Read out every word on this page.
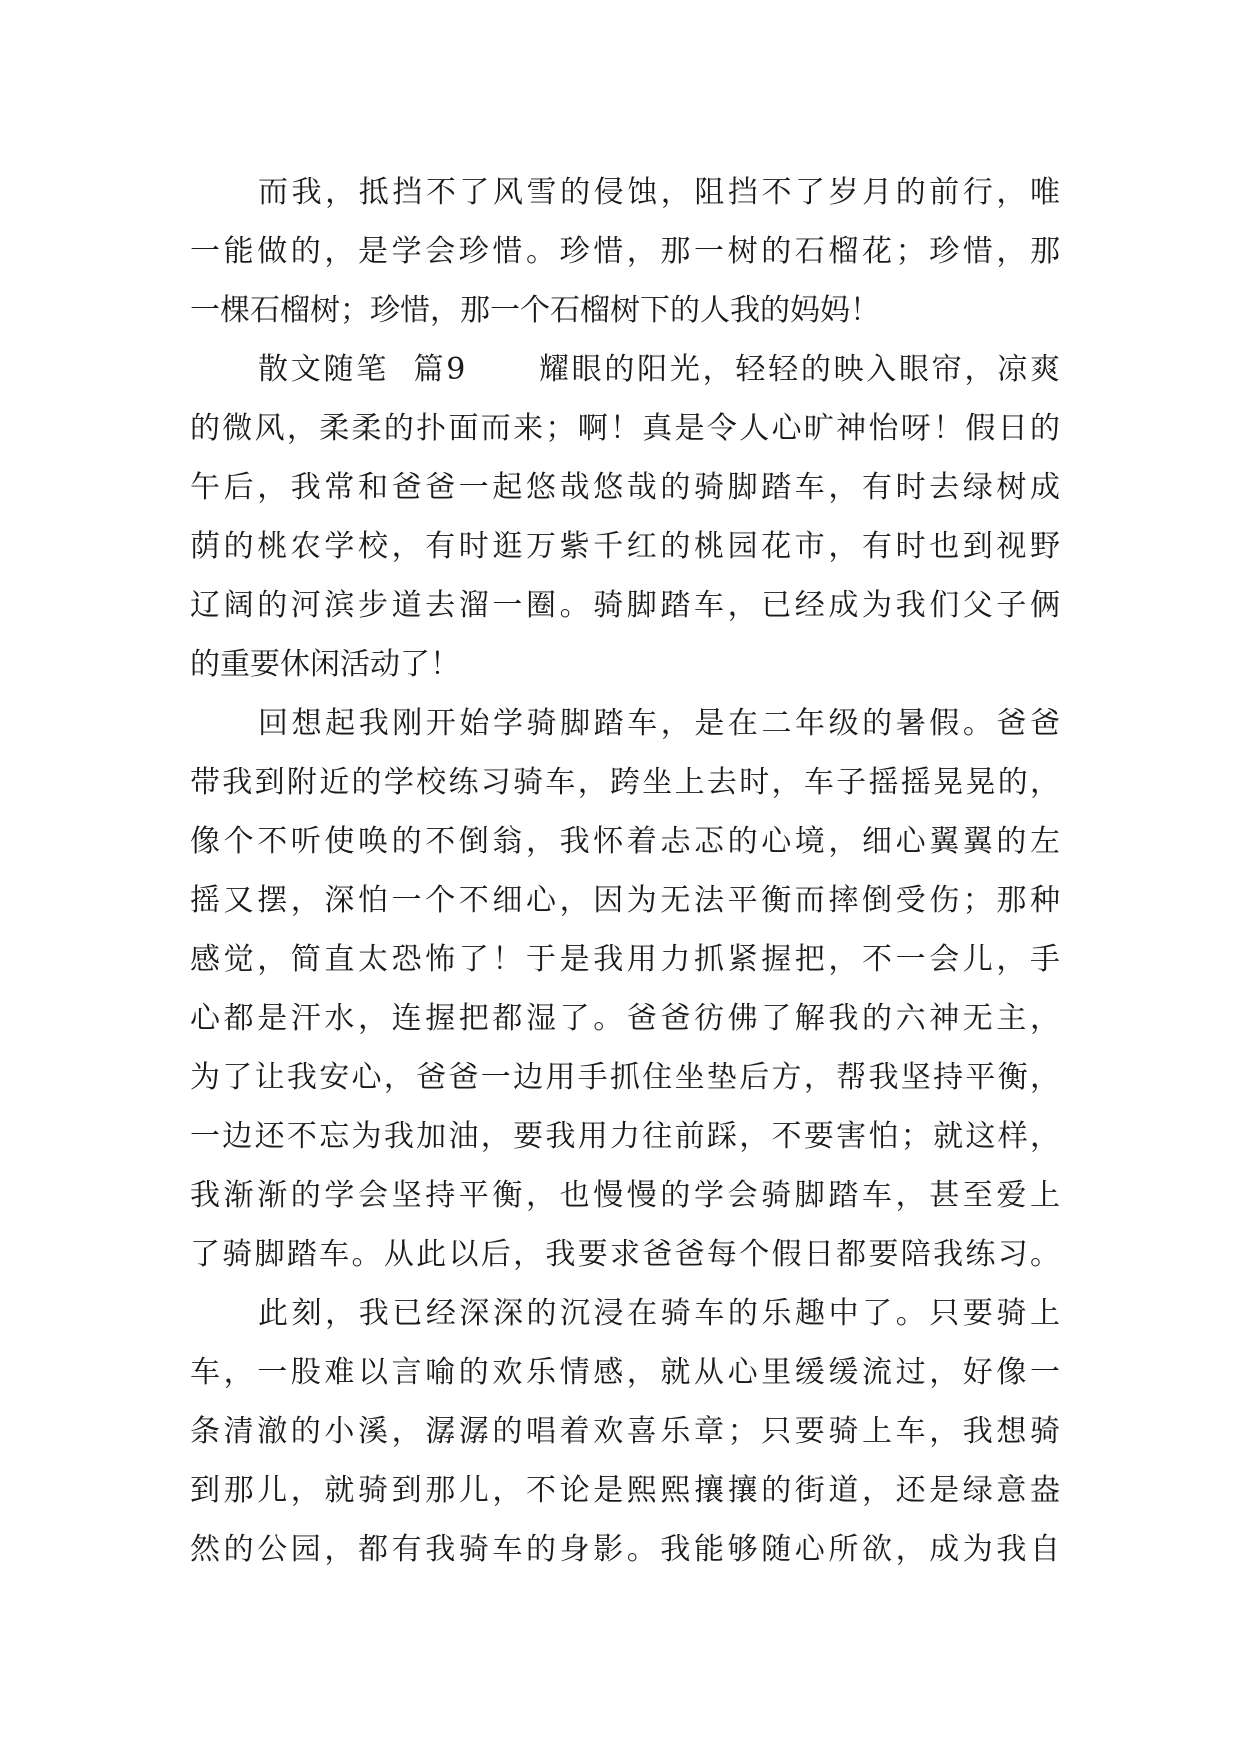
而我，抵挡不了风雪的侵蚀，阻挡不了岁月的前行，唯
一能做的，是学会珍惜。珍惜，那一树的石榴花；珍惜，那
一棵石榴树；珍惜，那一个石榴树下的人我的妈妈！
散文随笔  篇9      耀眼的阳光，轻轻的映入眼帘，凉爽
的微风，柔柔的扑面而来；啊！真是令人心旷神怡呀！假日的
午后，我常和爸爸一起悠哉悠哉的骑脚踏车，有时去绿树成
荫的桃农学校，有时逛万紫千红的桃园花市，有时也到视野
辽阔的河滨步道去溜一圈。骑脚踏车，已经成为我们父子俩
的重要休闲活动了！
回想起我刚开始学骑脚踏车，是在二年级的暑假。爸爸
带我到附近的学校练习骑车，跨坐上去时，车子摇摇晃晃的，
像个不听使唤的不倒翁，我怀着忐忑的心境，细心翼翼的左
摇又摆，深怕一个不细心，因为无法平衡而摔倒受伤；那种
感觉，简直太恐怖了！于是我用力抓紧握把，不一会儿，手
心都是汗水，连握把都湿了。爸爸彷佛了解我的六神无主，
为了让我安心，爸爸一边用手抓住坐垫后方，帮我坚持平衡，
一边还不忘为我加油，要我用力往前踩，不要害怕；就这样，
我渐渐的学会坚持平衡，也慢慢的学会骑脚踏车，甚至爱上
了骑脚踏车。从此以后，我要求爸爸每个假日都要陪我练习。
此刻，我已经深深的沉浸在骑车的乐趣中了。只要骑上
车，一股难以言喻的欢乐情感，就从心里缓缓流过，好像一
条清澈的小溪，潺潺的唱着欢喜乐章；只要骑上车，我想骑
到那儿，就骑到那儿，不论是熙熙攘攘的街道，还是绿意盎
然的公园，都有我骑车的身影。我能够随心所欲，成为我自
